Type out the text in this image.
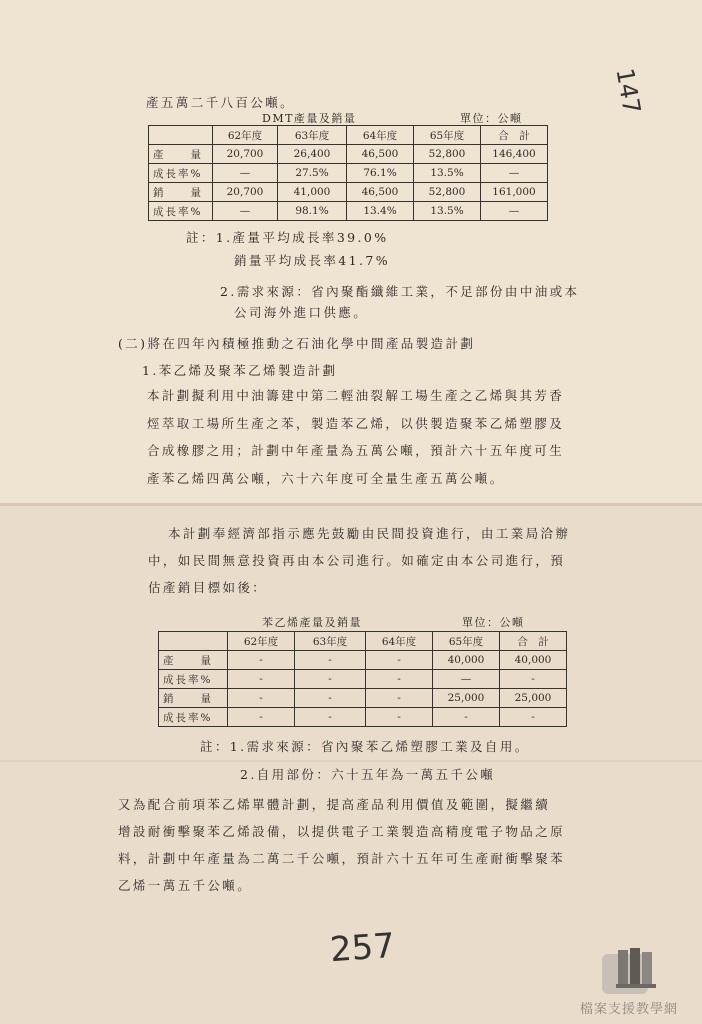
產五萬二千八百公噸。	147
DMT產量及銷量	單位：公噸
	62年度	63年度	64年度	65年度	合　計
產　　量	20,700	26,400	46,500	52,800	146,400
成長率%	—	27.5%	76.1%	13.5%	—
銷　　量	20,700	41,000	46,500	52,800	161,000
成長率%	—	98.1%	13.4%	13.5%	—
註：1.產量平均成長率39.0%
銷量平均成長率41.7%
2.需求來源：省內聚酯纖維工業，不足部份由中油或本
公司海外進口供應。
(二)將在四年內積極推動之石油化學中間產品製造計劃
1.苯乙烯及聚苯乙烯製造計劃
本計劃擬利用中油籌建中第二輕油裂解工場生產之乙烯與其芳香
烴萃取工場所生產之苯，製造苯乙烯，以供製造聚苯乙烯塑膠及
合成橡膠之用；計劃中年產量為五萬公噸，預計六十五年度可生
產苯乙烯四萬公噸，六十六年度可全量生產五萬公噸。
本計劃奉經濟部指示應先鼓勵由民間投資進行，由工業局洽辦
中，如民間無意投資再由本公司進行。如確定由本公司進行，預
估產銷目標如後：
苯乙烯產量及銷量	單位：公噸
	62年度	63年度	64年度	65年度	合　計
產　　量	-	-	-	40,000	40,000
成長率%	-	-	-	—	-
銷　　量	-	-	-	25,000	25,000
成長率%	-	-	-	-	-
註：1.需求來源：省內聚苯乙烯塑膠工業及自用。
2.自用部份：六十五年為一萬五千公噸
又為配合前項苯乙烯單體計劃，提高產品利用價值及範圍，擬繼續
增設耐衝擊聚苯乙烯設備，以提供電子工業製造高精度電子物品之原
料，計劃中年產量為二萬二千公噸，預計六十五年可生產耐衝擊聚苯
乙烯一萬五千公噸。
257
檔案支援教學網
